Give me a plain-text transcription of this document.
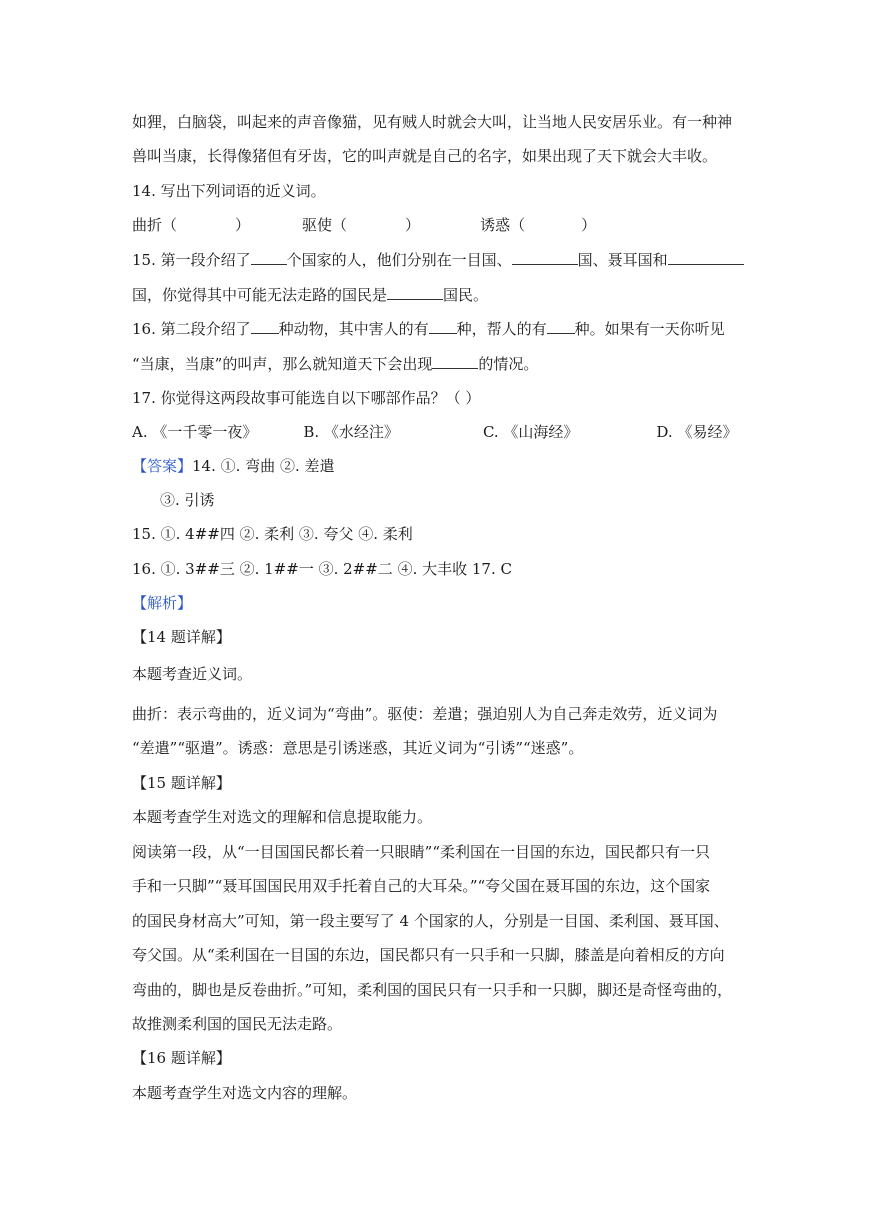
如狸，白脑袋，叫起来的声音像猫，见有贼人时就会大叫，让当地人民安居乐业。有一种神
兽叫当康，长得像猪但有牙齿，它的叫声就是自己的名字，如果出现了天下就会大丰收。
14. 写出下列词语的近义词。
曲折（	）	驱使（	）	诱惑（	）
15. 第一段介绍了 个国家的人，他们分别在一目国、	国、聂耳国和
国，你觉得其中可能无法走路的国民是	国民。
16. 第二段介绍了 种动物，其中害人的有 种，帮人的有 种。如果有一天你听见
“当康，当康”的叫声，那么就知道天下会出现	的情况。
17. 你觉得这两段故事可能选自以下哪部作品？（ ）
A. 《一千零一夜》	B. 《水经注》	C. 《山海经》	D. 《易经》
【答案】14. ①. 弯曲 ②. 差遣
③. 引诱
15. ①. 4##四 ②. 柔利 ③. 夸父 ④. 柔利
16. ①. 3##三 ②. 1##一 ③. 2##二 ④. 大丰收 17. C
【解析】
【14 题详解】
本题考查近义词。
曲折：表示弯曲的，近义词为“弯曲”。驱使：差遣；强迫别人为自己奔走效劳，近义词为
“差遣”“驱遣”。诱惑：意思是引诱迷惑，其近义词为“引诱”“迷惑”。
【15 题详解】
本题考查学生对选文的理解和信息提取能力。
阅读第一段，从“一目国国民都长着一只眼睛”“柔利国在一目国的东边，国民都只有一只
手和一只脚”“聂耳国国民用双手托着自己的大耳朵。”“夸父国在聂耳国的东边，这个国家
的国民身材高大”可知，第一段主要写了 4 个国家的人，分别是一目国、柔利国、聂耳国、
夸父国。从“柔利国在一目国的东边，国民都只有一只手和一只脚，膝盖是向着相反的方向
弯曲的，脚也是反卷曲折。”可知，柔利国的国民只有一只手和一只脚，脚还是奇怪弯曲的，
故推测柔利国的国民无法走路。
【16 题详解】
本题考查学生对选文内容的理解。
